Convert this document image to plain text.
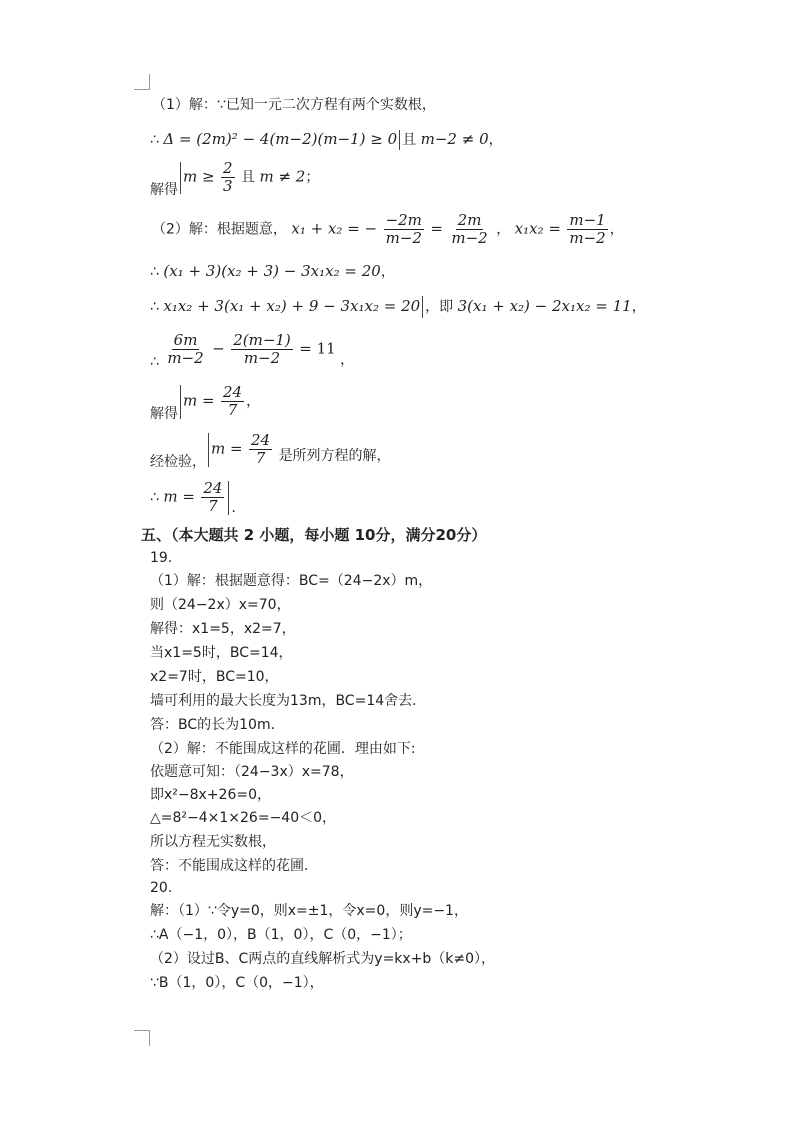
（1）解：∵已知一元二次方程有两个实数根，
∴ Δ = (2m)² − 4(m−2)(m−1) ≥ 0 且 m−2 ≠ 0，
解得$m \ge \frac{2}{3}$ 且 m ≠ 2；
（2）解：根据题意， x₁ + x₂ = − $\frac{-2m}{m-2} = \frac{2m}{m-2}$ ， $x_1x_2 = \frac{m-1}{m-2}$ ，
∴ (x₁ + 3)(x₂ + 3) − 3x₁x₂ = 20，
∴ x₁x₂ + 3(x₁ + x₂) + 9 − 3x₁x₂ = 20 ，即 3(x₁ + x₂) − 2x₁x₂ = 11，
∴ $\frac{6m}{m-2} - \frac{2(m-1)}{m-2} = 11$ ，
解得$m = \frac{24}{7}$ ，
经检验，$m = \frac{24}{7}$ 是所列方程的解，
∴ $m = \frac{24}{7}$ ．
五、（本大题共 2 小题，每小题 10分，满分20分）
19.
（1）解：根据题意得：BC=（24−2x）m，
则（24−2x）x=70，
解得：x1=5，x2=7，
当x1=5时，BC=14，
x2=7时，BC=10，
墙可利用的最大长度为13m，BC=14舍去．
答：BC的长为10m．
（2）解：不能围成这样的花圃．理由如下:
依题意可知：（24−3x）x=78，
即x²−8x+26=0，
△=8²−4×1×26=−40＜0，
所以方程无实数根，
答：不能围成这样的花圃．
20.
解：（1）∵令y=0，则x=±1，令x=0，则y=−1，
∴A（−1，0），B（1，0），C（0，−1）；
（2）设过B、C两点的直线解析式为y=kx+b（k≠0），
∵B（1，0），C（0，−1），
